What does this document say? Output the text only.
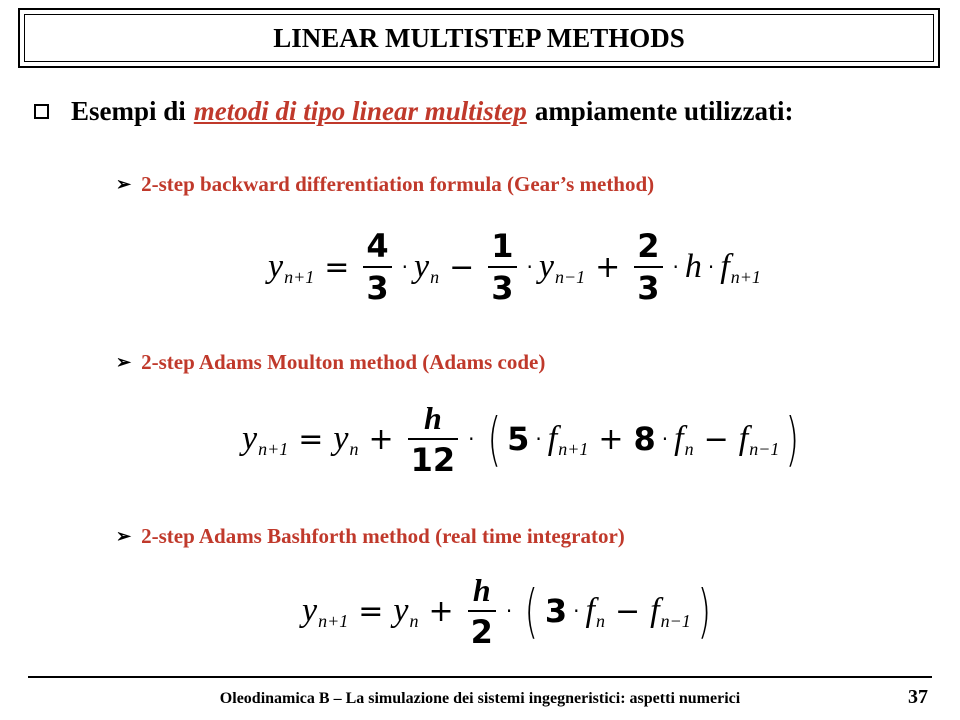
LINEAR MULTISTEP METHODS
Esempi di metodi di tipo linear multistep ampiamente utilizzati:
➢ 2-step backward differentiation formula (Gear’s method)
y $n+1 = \frac{4}{3} \cdot y$ $n - \frac{1}{3} \cdot y$ $n-1 + \frac{2}{3} \cdot h \cdot f$ n+1
➢ 2-step Adams Moulton method (Adams code)
y n+1 = y $n + \frac{h}{12}$ · ( 5 · f n+1 + 8 · f n − f n−1 )
➢ 2-step Adams Bashforth method (real time integrator)
y n+1 = y $n + \frac{h}{2}$ · ( 3 · f n − f n−1 )
Oleodinamica B – La simulazione dei sistemi ingegneristici: aspetti numerici	37
